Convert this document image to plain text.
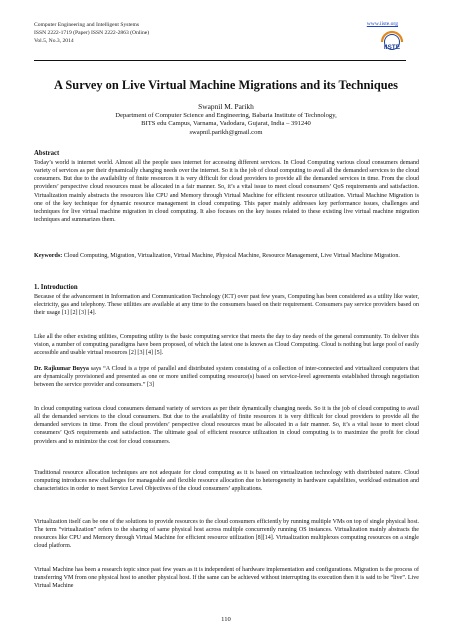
Computer Engineering and Intelligent Systems
ISSN 2222-1719 (Paper) ISSN 2222-2863 (Online)
Vol.5, No.3, 2014
www.iiste.org
IISTE
A Survey on Live Virtual Machine Migrations and its Techniques
Swapnil M. Parikh
Department of Computer Science and Engineering, Babaria Institute of Technology,
BITS edu Campus, Varnama, Vadodara, Gujarat, India – 391240
swapnil.parikh@gmail.com
Abstract

Today’s world is internet world. Almost all the people uses internet for accessing different services. In Cloud Computing various cloud consumers demand variety of services as per their dynamically changing needs over the internet. So it is the job of cloud computing to avail all the demanded services to the cloud consumers. But due to the availability of finite resources it is very difficult for cloud providers to provide all the demanded services in time. From the cloud providers’ perspective cloud resources must be allocated in a fair manner. So, it’s a vital issue to meet cloud consumers’ QoS requirements and satisfaction. Virtualization mainly abstracts the resources like CPU and Memory through Virtual Machine for efficient resource utilization. Virtual Machine Migration is one of the key technique for dynamic resource management in cloud computing. This paper mainly addresses key performance issues, challenges and techniques for live virtual machine migration in cloud computing. It also focuses on the key issues related to these existing live virtual machine migration techniques and summarizes them.

Keywords: Cloud Computing, Migration, Virtualization, Virtual Machine, Physical Machine, Resource Management, Live Virtual Machine Migration.

1. Introduction

Because of the advancement in Information and Communication Technology (ICT) over past few years, Computing has been considered as a utility like water, electricity, gas and telephony. These utilities are available at any time to the consumers based on their requirement. Consumers pay service providers based on their usage [1] [2] [3] [4].

Like all the other existing utilities, Computing utility is the basic computing service that meets the day to day needs of the general community. To deliver this vision, a number of computing paradigms have been proposed, of which the latest one is known as Cloud Computing. Cloud is nothing but large pool of easily accessible and usable virtual resources [2] [3] [4] [5].

Dr. Rajkumar Buyya says “A Cloud is a type of parallel and distributed system consisting of a collection of inter-connected and virtualized computers that are dynamically provisioned and presented as one or more unified computing resource(s) based on service-level agreements established through negotiation between the service provider and consumers.” [3]

In cloud computing various cloud consumers demand variety of services as per their dynamically changing needs. So it is the job of cloud computing to avail all the demanded services to the cloud consumers. But due to the availability of finite resources it is very difficult for cloud providers to provide all the demanded services in time. From the cloud providers’ perspective cloud resources must be allocated in a fair manner. So, it’s a vital issue to meet cloud consumers’ QoS requirements and satisfaction. The ultimate goal of efficient resource utilization in cloud computing is to maximize the profit for cloud providers and to minimize the cost for cloud consumers.

Traditional resource allocation techniques are not adequate for cloud computing as it is based on virtualization technology with distributed nature. Cloud computing introduces new challenges for manageable and flexible resource allocation due to heterogeneity in hardware capabilities, workload estimation and characteristics in order to meet Service Level Objectives of the cloud consumers’ applications.

Virtualization itself can be one of the solutions to provide resources to the cloud consumers efficiently by running multiple VMs on top of single physical host. The term “virtualization” refers to the sharing of same physical host across multiple concurrently running OS instances. Virtualization mainly abstracts the resources like CPU and Memory through Virtual Machine for efficient resource utilization [8][14]. Virtualization multiplexes computing resources on a single cloud platform.

Virtual Machine has been a research topic since past few years as it is independent of hardware implementation and configurations. Migration is the process of transferring VM from one physical host to another physical host. If the same can be achieved without interrupting its execution then it is said to be “live”. Live Virtual Machine

110
